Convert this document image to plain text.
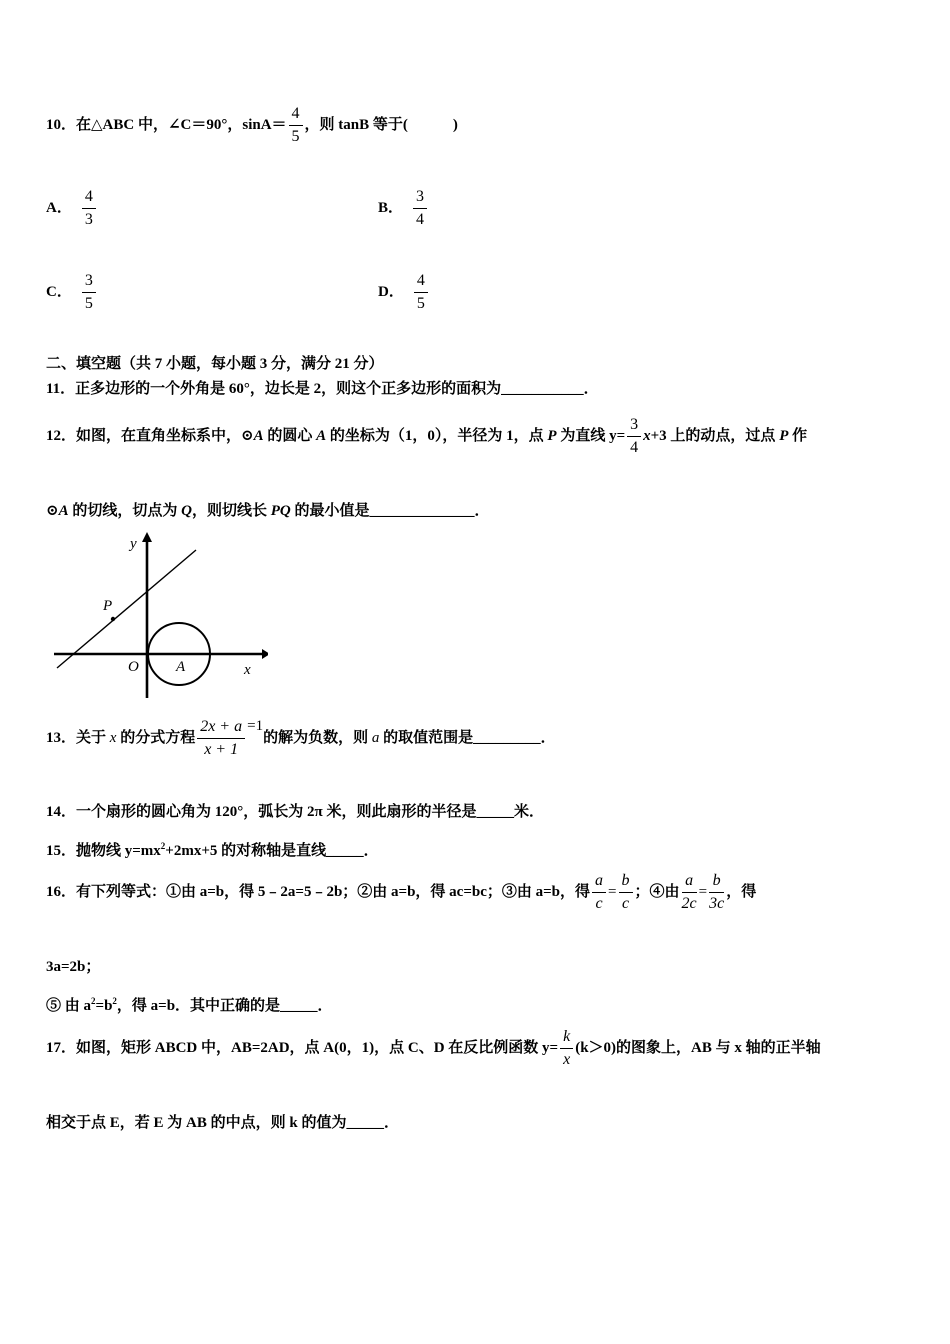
10．在△ABC 中，∠C＝90°，$\sin A= \frac{4}{5}$ ，则 tanB 等于(　　　)
A． $\frac{4}{3}$	B． $\frac{3}{4}$
C． $\frac{3}{5}$	D． $\frac{4}{5}$
二、填空题（共 7 小题，每小题 3 分，满分 21 分）
11．正多边形的一个外角是 60°，边长是 2，则这个正多边形的面积为___________．
12．如图，在直角坐标系中，⊙A 的圆心 A 的坐标为（1，0），半径为 1，点 P 为直线 $y= \frac{3}{4} x+3$ 上的动点，过点 P 作
⊙A 的切线，切点为 Q，则切线长 PQ 的最小值是______________．
y
x
O A
P
13．关于 x 的分式方程 $\frac{2x + a}{x + 1} =1$的解为负数，则 a 的取值范围是_________．
14．一个扇形的圆心角为 120°，弧长为 2π 米，则此扇形的半径是_____米．
15．抛物线 $y=mx^2+2mx+5$ 的对称轴是直线_____．
16．有下列等式：①由 a=b，得 5﹣2a=5﹣2b；②由 a=b，得 ac=bc；③由 a=b，得 $\frac{a}{c} = \frac{b}{c}$ ；④由 $\frac{a}{2c} = \frac{b}{3c}$ ，得
3a=2b；
⑤ 由 $a^2=b^2$，得 a=b．其中正确的是_____．
17．如图，矩形 ABCD 中，AB=2AD，点 A(0，1)，点 C、D 在反比例函数 $y= \frac{k}{x} (k>0)$的图象上，AB 与 x 轴的正半轴
相交于点 E，若 E 为 AB 的中点，则 k 的值为_____．
